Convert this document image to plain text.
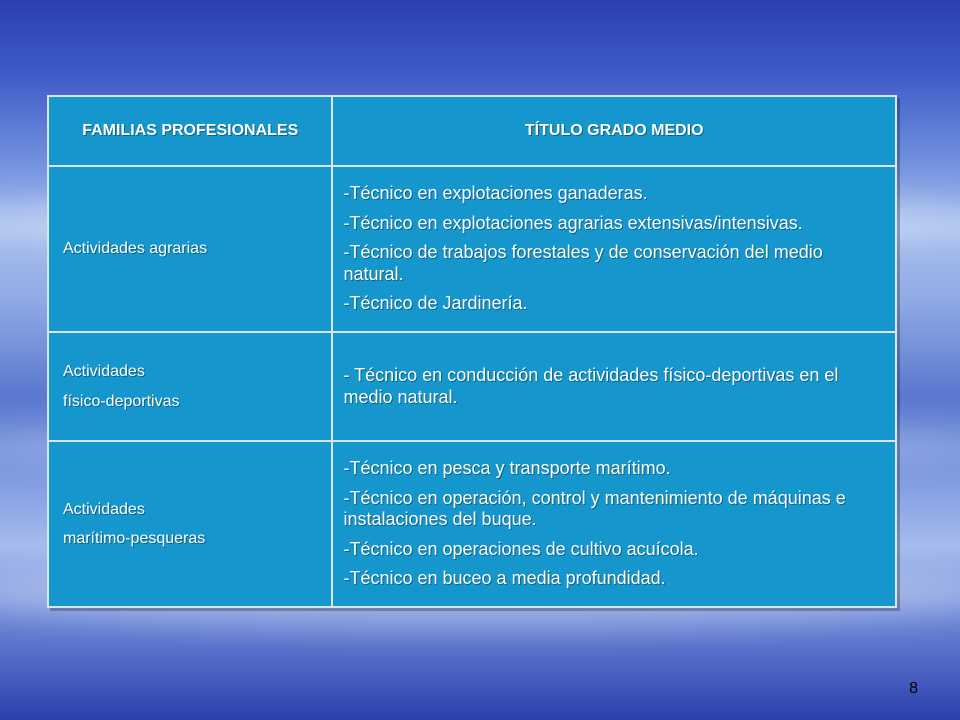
FAMILIAS PROFESIONALES	TÍTULO GRADO MEDIO

Actividades agrarias	-Técnico en explotaciones ganaderas.
-Técnico en explotaciones agrarias extensivas/intensivas.
-Técnico de trabajos forestales y de conservación del medio natural.
-Técnico de Jardinería.

Actividades
físico-deportivas	- Técnico en conducción de actividades físico-deportivas en el medio natural.

Actividades
marítimo-pesqueras	-Técnico en pesca y transporte marítimo.
-Técnico en operación, control y mantenimiento de máquinas e instalaciones del buque.
-Técnico en operaciones de cultivo acuícola.
-Técnico en buceo a media profundidad.
8
